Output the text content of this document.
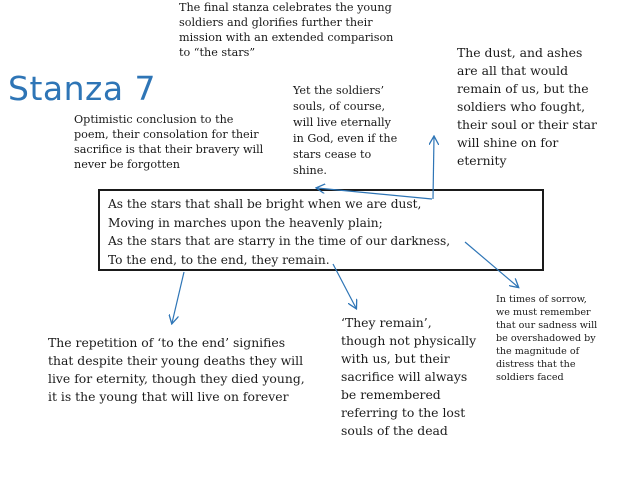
Stanza 7
The final stanza celebrates the young
soldiers and glorifies further their
mission with an extended comparison
to “the stars”
Optimistic conclusion to the
poem, their consolation for their
sacrifice is that their bravery will
never be forgotten
Yet the soldiers’
souls, of course,
will live eternally
in God, even if the
stars cease to
shine.
The dust, and ashes
are all that would
remain of us, but the
soldiers who fought,
their soul or their star
will shine on for
eternity
As the stars that shall be bright when we are dust,
Moving in marches upon the heavenly plain;
As the stars that are starry in the time of our darkness,
To the end, to the end, they remain.
The repetition of ‘to the end’ signifies
that despite their young deaths they will
live for eternity, though they died young,
it is the young that will live on forever
‘They remain’,
though not physically
with us, but their
sacrifice will always
be remembered
referring to the lost
souls of the dead
In times of sorrow,
we must remember
that our sadness will
be overshadowed by
the magnitude of
distress that the
soldiers faced
